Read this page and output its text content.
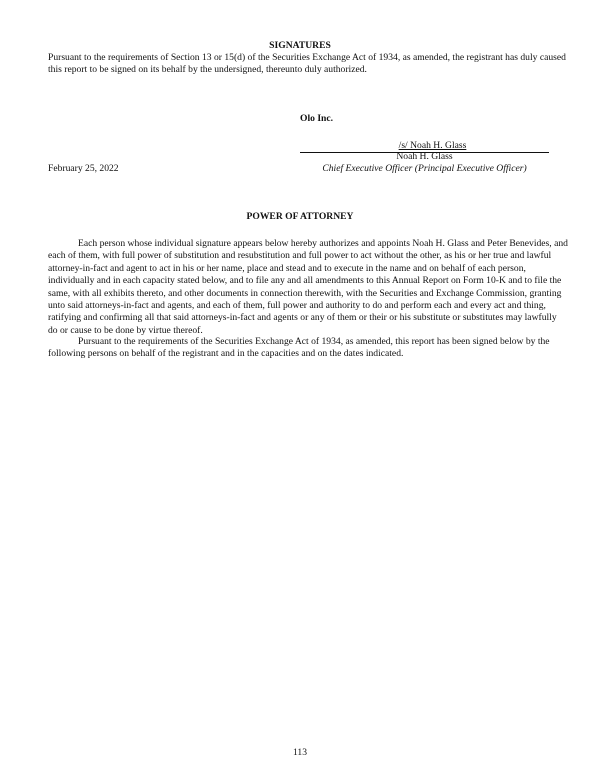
SIGNATURES
Pursuant to the requirements of Section 13 or 15(d) of the Securities Exchange Act of 1934, as amended, the registrant has duly caused this report to be signed on its behalf by the undersigned, thereunto duly authorized.
Olo Inc.
/s/ Noah H. Glass
Noah H. Glass
Chief Executive Officer (Principal Executive Officer)
February 25, 2022
POWER OF ATTORNEY
Each person whose individual signature appears below hereby authorizes and appoints Noah H. Glass and Peter Benevides, and each of them, with full power of substitution and resubstitution and full power to act without the other, as his or her true and lawful attorney-in-fact and agent to act in his or her name, place and stead and to execute in the name and on behalf of each person, individually and in each capacity stated below, and to file any and all amendments to this Annual Report on Form 10-K and to file the same, with all exhibits thereto, and other documents in connection therewith, with the Securities and Exchange Commission, granting unto said attorneys-in-fact and agents, and each of them, full power and authority to do and perform each and every act and thing, ratifying and confirming all that said attorneys-in-fact and agents or any of them or their or his substitute or substitutes may lawfully do or cause to be done by virtue thereof.
Pursuant to the requirements of the Securities Exchange Act of 1934, as amended, this report has been signed below by the following persons on behalf of the registrant and in the capacities and on the dates indicated.
113
